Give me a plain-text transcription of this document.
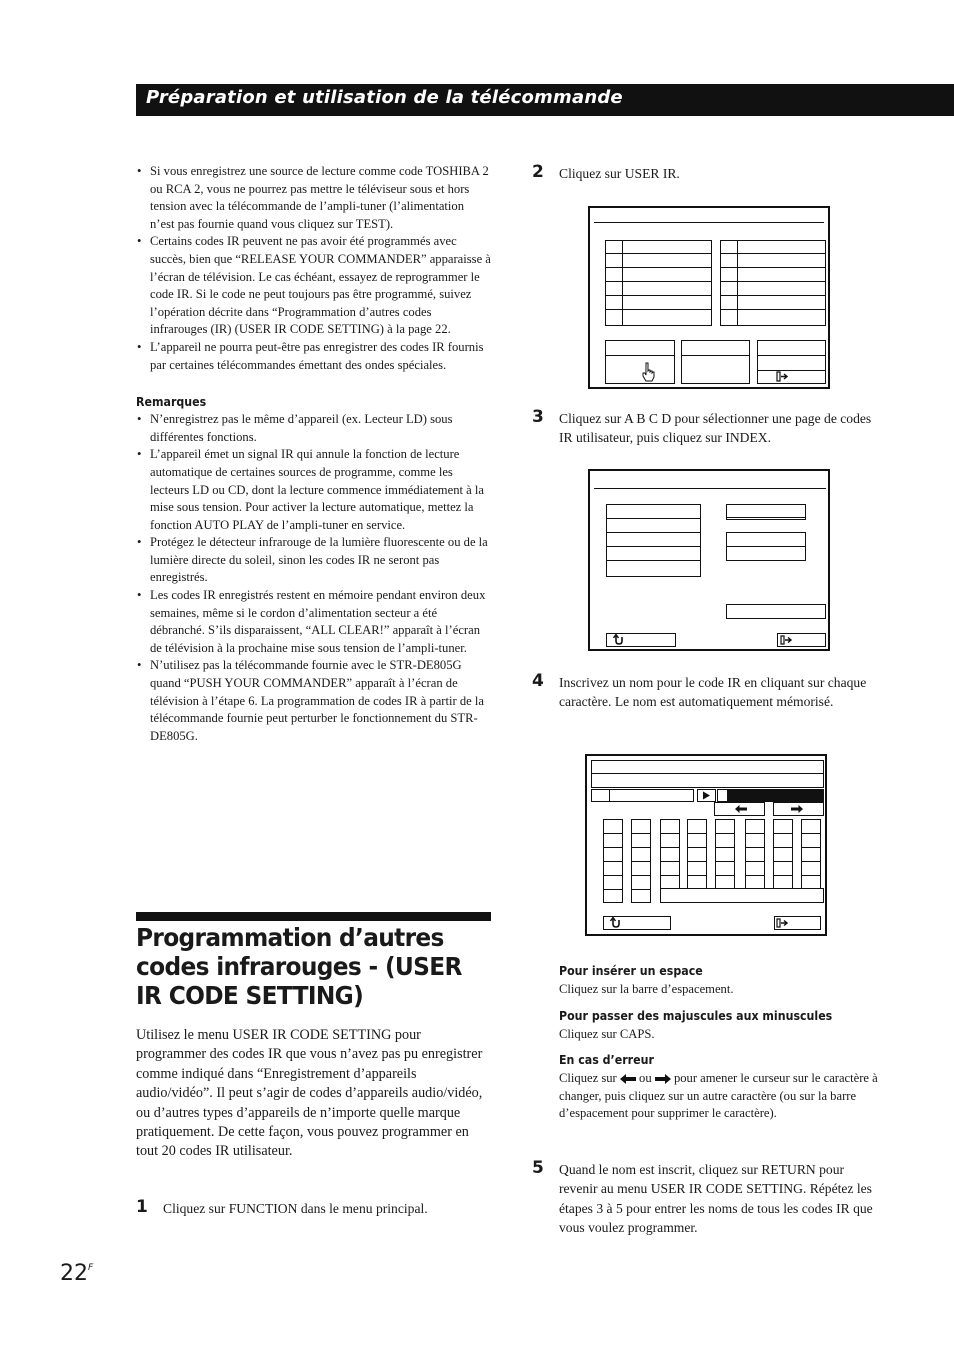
Préparation et utilisation de la télécommande
• Si vous enregistrez une source de lecture comme code TOSHIBA 2 ou RCA 2, vous ne pourrez pas mettre le téléviseur sous et hors tension avec la télécommande de l’ampli-tuner (l’alimentation n’est pas fournie quand vous cliquez sur TEST).
• Certains codes IR peuvent ne pas avoir été programmés avec succès, bien que “RELEASE YOUR COMMANDER” apparaisse à l’écran de télévision. Le cas échéant, essayez de reprogrammer le code IR. Si le code ne peut toujours pas être programmé, suivez l’opération décrite dans “Programmation d’autres codes infrarouges (IR) (USER IR CODE SETTING) à la page 22.
• L’appareil ne pourra peut-être pas enregistrer des codes IR fournis par certaines télécommandes émettant des ondes spéciales.
Remarques
• N’enregistrez pas le même d’appareil (ex. Lecteur LD) sous différentes fonctions.
• L’appareil émet un signal IR qui annule la fonction de lecture automatique de certaines sources de programme, comme les lecteurs LD ou CD, dont la lecture commence immédiatement à la mise sous tension. Pour activer la lecture automatique, mettez la fonction AUTO PLAY de l’ampli-tuner en service.
• Protégez le détecteur infrarouge de la lumière fluorescente ou de la lumière directe du soleil, sinon les codes IR ne seront pas enregistrés.
• Les codes IR enregistrés restent en mémoire pendant environ deux semaines, même si le cordon d’alimentation secteur a été débranché. S’ils disparaissent, “ALL CLEAR!” apparaît à l’écran de télévision à la prochaine mise sous tension de l’ampli-tuner.
• N’utilisez pas la télécommande fournie avec le STR-DE805G quand “PUSH YOUR COMMANDER” apparaît à l’écran de télévision à l’étape 6. La programmation de codes IR à partir de la télécommande fournie peut perturber le fonctionnement du STR-DE805G.
Programmation d’autres codes infrarouges - (USER IR CODE SETTING)
Utilisez le menu USER IR CODE SETTING pour programmer des codes IR que vous n’avez pas pu enregistrer comme indiqué dans “Enregistrement d’appareils audio/vidéo”. Il peut s’agir de codes d’appareils audio/vidéo, ou d’autres types d’appareils de n’importe quelle marque pratiquement. De cette façon, vous pouvez programmer en tout 20 codes IR utilisateur.
1 Cliquez sur FUNCTION dans le menu principal.
2 Cliquez sur USER IR.
3 Cliquez sur A B C D pour sélectionner une page de codes IR utilisateur, puis cliquez sur INDEX.
4 Inscrivez un nom pour le code IR en cliquant sur chaque caractère. Le nom est automatiquement mémorisé.
Pour insérer un espace
Cliquez sur la barre d’espacement.
Pour passer des majuscules aux minuscules
Cliquez sur CAPS.
En cas d’erreur
Cliquez sur ou pour amener le curseur sur le caractère à changer, puis cliquez sur un autre caractère (ou sur la barre d’espacement pour supprimer le caractère).
5 Quand le nom est inscrit, cliquez sur RETURN pour revenir au menu USER IR CODE SETTING. Répétez les étapes 3 à 5 pour entrer les noms de tous les codes IR que vous voulez programmer.
$22^F$
